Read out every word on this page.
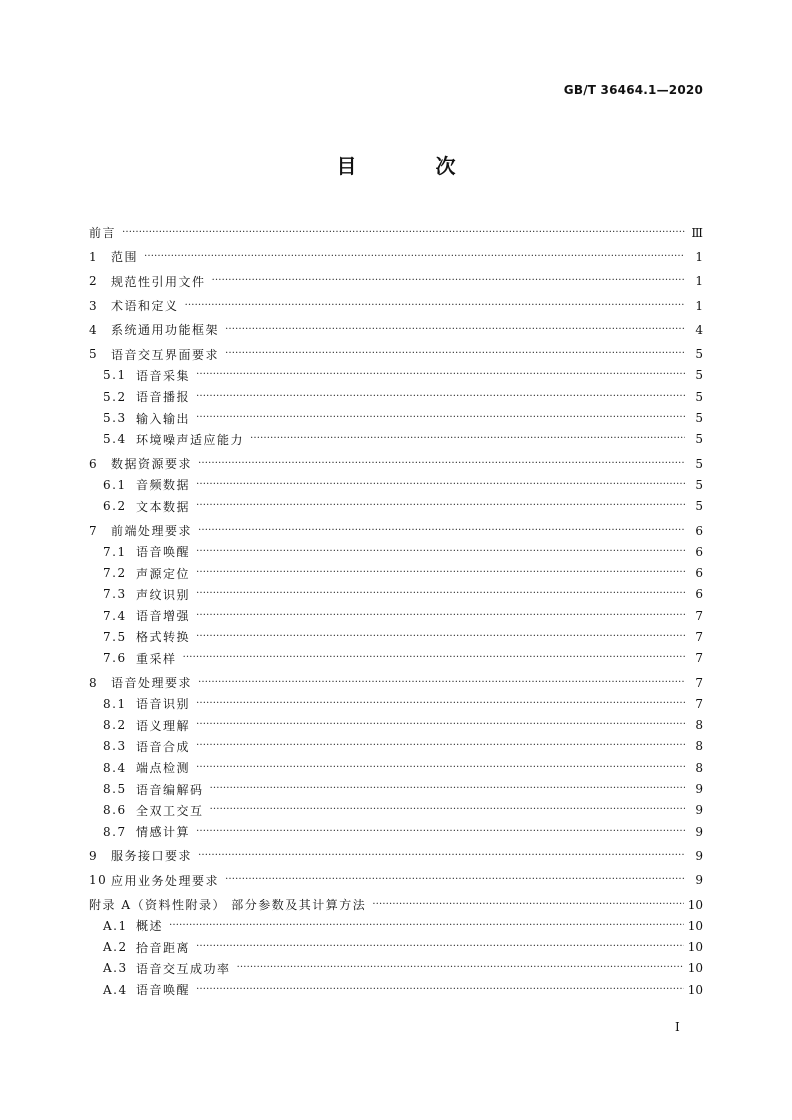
GB/T 36464.1—2020
目 次
前言 ……………………………………………………………………………………………………………………………………………………………………………………………………………………………………………………………………………………	Ⅲ
1	范围 ……………………………………………………………………………………………………………………………………………………………………………………………………………………………………………………………………………………	1
2	规范性引用文件 ……………………………………………………………………………………………………………………………………………………………………………………………………………………………………………………………………………………	1
3	术语和定义 ……………………………………………………………………………………………………………………………………………………………………………………………………………………………………………………………………………………	1
4	系统通用功能框架 ……………………………………………………………………………………………………………………………………………………………………………………………………………………………………………………………………………………	4
5	语音交互界面要求 ……………………………………………………………………………………………………………………………………………………………………………………………………………………………………………………………………………………	5
5.1 语音采集 ……………………………………………………………………………………………………………………………………………………………………………………………………………………………………………………………………………………	5
5.2 语音播报 ……………………………………………………………………………………………………………………………………………………………………………………………………………………………………………………………………………………	5
5.3 输入输出 ……………………………………………………………………………………………………………………………………………………………………………………………………………………………………………………………………………………	5
5.4 环境噪声适应能力 ……………………………………………………………………………………………………………………………………………………………………………………………………………………………………………………………………………………	5
6	数据资源要求 ……………………………………………………………………………………………………………………………………………………………………………………………………………………………………………………………………………………	5
6.1 音频数据 ……………………………………………………………………………………………………………………………………………………………………………………………………………………………………………………………………………………	5
6.2 文本数据 ……………………………………………………………………………………………………………………………………………………………………………………………………………………………………………………………………………………	5
7	前端处理要求 ……………………………………………………………………………………………………………………………………………………………………………………………………………………………………………………………………………………	6
7.1 语音唤醒 ……………………………………………………………………………………………………………………………………………………………………………………………………………………………………………………………………………………	6
7.2 声源定位 ……………………………………………………………………………………………………………………………………………………………………………………………………………………………………………………………………………………	6
7.3 声纹识别 ……………………………………………………………………………………………………………………………………………………………………………………………………………………………………………………………………………………	6
7.4 语音增强 ……………………………………………………………………………………………………………………………………………………………………………………………………………………………………………………………………………………	7
7.5 格式转换 ……………………………………………………………………………………………………………………………………………………………………………………………………………………………………………………………………………………	7
7.6 重采样 ……………………………………………………………………………………………………………………………………………………………………………………………………………………………………………………………………………………	7
8	语音处理要求 ……………………………………………………………………………………………………………………………………………………………………………………………………………………………………………………………………………………	7
8.1 语音识别 ……………………………………………………………………………………………………………………………………………………………………………………………………………………………………………………………………………………	7
8.2 语义理解 ……………………………………………………………………………………………………………………………………………………………………………………………………………………………………………………………………………………	8
8.3 语音合成 ……………………………………………………………………………………………………………………………………………………………………………………………………………………………………………………………………………………	8
8.4 端点检测 ……………………………………………………………………………………………………………………………………………………………………………………………………………………………………………………………………………………	8
8.5 语音编解码 ……………………………………………………………………………………………………………………………………………………………………………………………………………………………………………………………………………………	9
8.6 全双工交互 ……………………………………………………………………………………………………………………………………………………………………………………………………………………………………………………………………………………	9
8.7 情感计算 ……………………………………………………………………………………………………………………………………………………………………………………………………………………………………………………………………………………	9
9	服务接口要求 ……………………………………………………………………………………………………………………………………………………………………………………………………………………………………………………………………………………	9
10 应用业务处理要求 ……………………………………………………………………………………………………………………………………………………………………………………………………………………………………………………………………………………	9
附录 A（资料性附录） 部分参数及其计算方法 ……………………………………………………………………………………………………………………………………………………………………………………………………………………………………………………………………………………	10
A.1 概述 ……………………………………………………………………………………………………………………………………………………………………………………………………………………………………………………………………………………	10
A.2 拾音距离 ……………………………………………………………………………………………………………………………………………………………………………………………………………………………………………………………………………………	10
A.3 语音交互成功率 ……………………………………………………………………………………………………………………………………………………………………………………………………………………………………………………………………………………	10
A.4 语音唤醒 ……………………………………………………………………………………………………………………………………………………………………………………………………………………………………………………………………………………	10
I
